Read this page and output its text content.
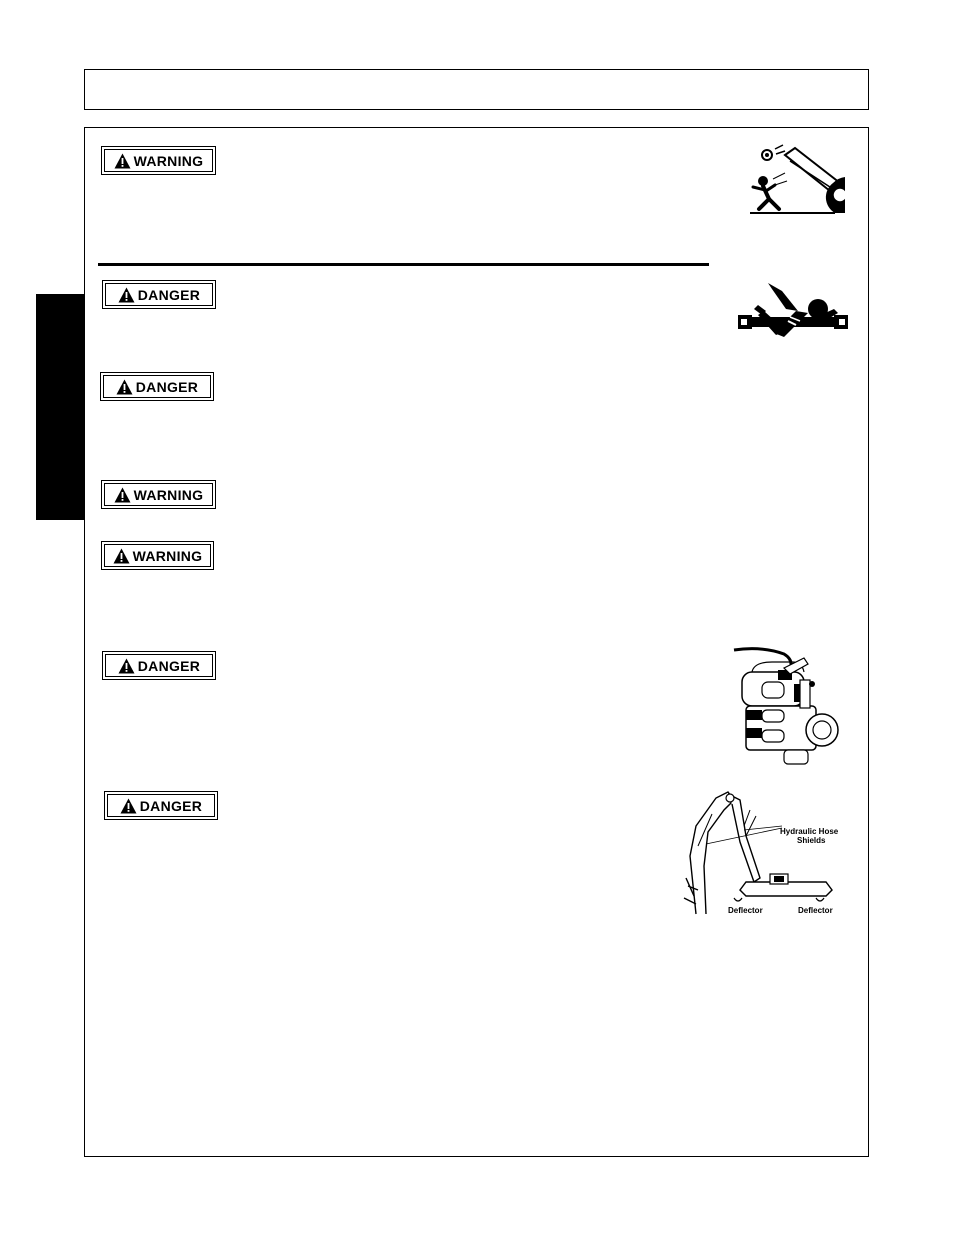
WARNING
DANGER
DANGER
WARNING
WARNING
DANGER
DANGER
Hydraulic Hose
Shields
Deflector	Deflector
